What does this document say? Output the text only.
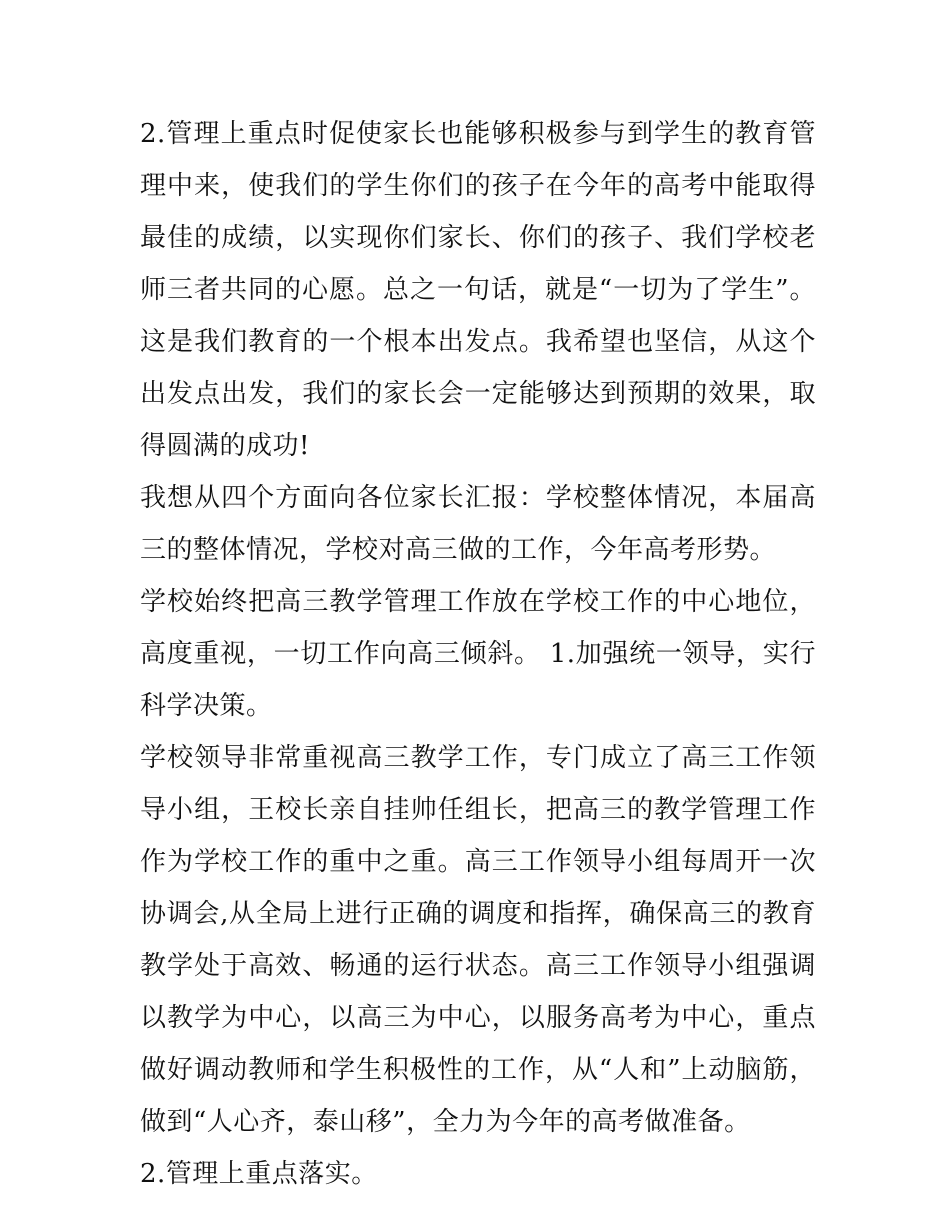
2.管理上重点时促使家长也能够积极参与到学生的教育管理中来，使我们的学生你们的孩子在今年的高考中能取得最佳的成绩，以实现你们家长、你们的孩子、我们学校老师三者共同的心愿。总之一句话，就是“一切为了学生”。这是我们教育的一个根本出发点。我希望也坚信，从这个出发点出发，我们的家长会一定能够达到预期的效果，取得圆满的成功!

我想从四个方面向各位家长汇报：学校整体情况，本届高三的整体情况，学校对高三做的工作，今年高考形势。

学校始终把高三教学管理工作放在学校工作的中心地位，高度重视，一切工作向高三倾斜。 1.加强统一领导，实行科学决策。

学校领导非常重视高三教学工作，专门成立了高三工作领导小组，王校长亲自挂帅任组长，把高三的教学管理工作作为学校工作的重中之重。高三工作领导小组每周开一次协调会,从全局上进行正确的调度和指挥，确保高三的教育教学处于高效、畅通的运行状态。高三工作领导小组强调以教学为中心，以高三为中心，以服务高考为中心，重点做好调动教师和学生积极性的工作，从“人和”上动脑筋，做到“人心齐，泰山移”，全力为今年的高考做准备。

2.管理上重点落实。
